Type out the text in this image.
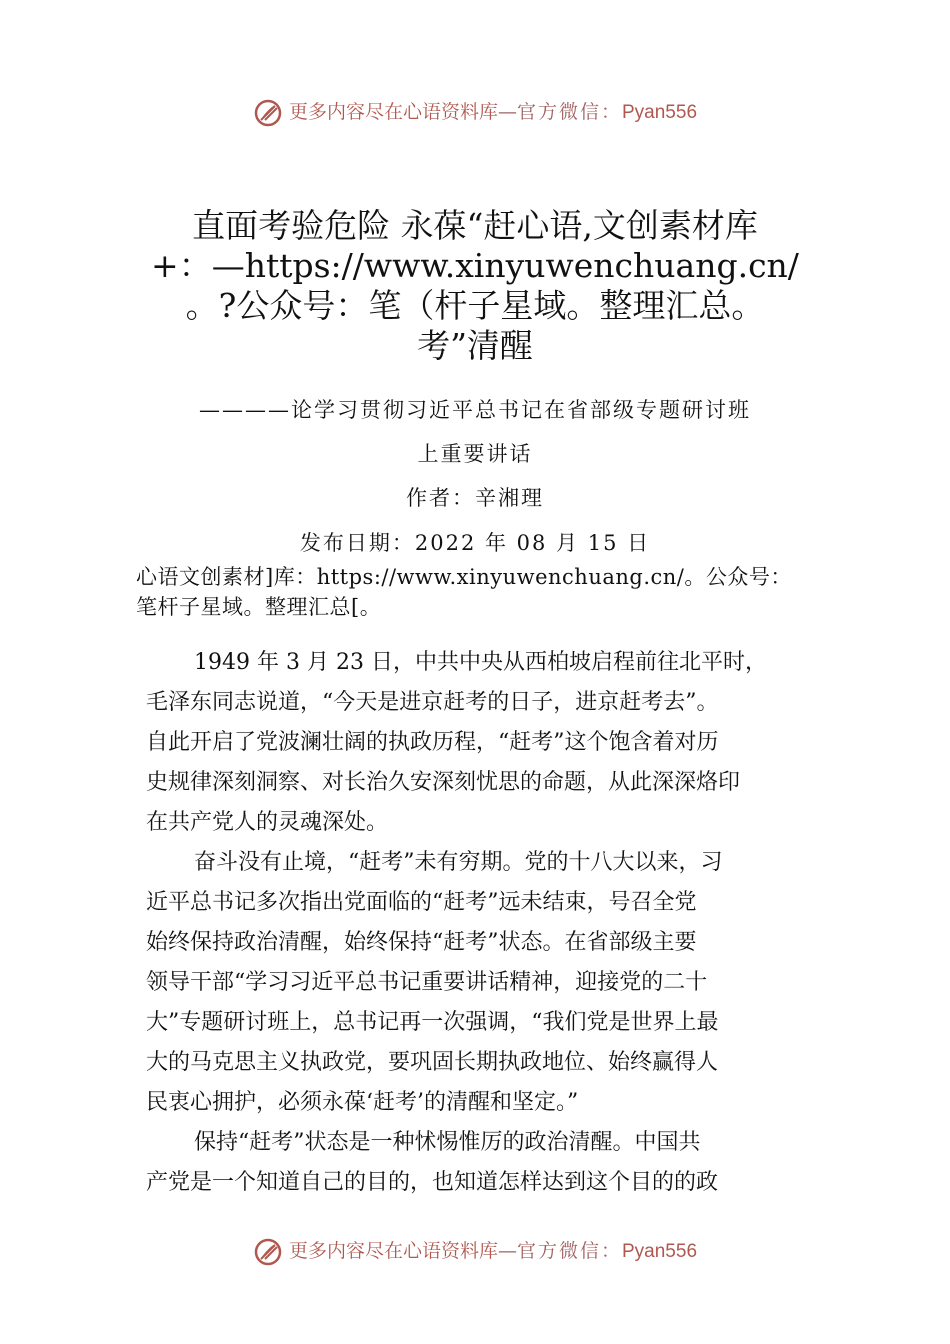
更多内容尽在心语资料库—官方微信：Pyan556
直面考验危险 永葆“赶心语,文创素材库
+：—https://www.xinyuwenchuang.cn/
。?公众号：笔（杆子星域。整理汇总。
考”清醒
————论学习贯彻习近平总书记在省部级专题研讨班
上重要讲话
作者：辛湘理
发布日期：2022 年 08 月 15 日
心语文创素材]库：https://www.xinyuwenchuang.cn/。公众号：
笔杆子星域。整理汇总[。
1949 年 3 月 23 日，中共中央从西柏坡启程前往北平时，
毛泽东同志说道，“今天是进京赶考的日子，进京赶考去”。
自此开启了党波澜壮阔的执政历程，“赶考”这个饱含着对历
史规律深刻洞察、对长治久安深刻忧思的命题，从此深深烙印
在共产党人的灵魂深处。
奋斗没有止境，“赶考”未有穷期。党的十八大以来，习
近平总书记多次指出党面临的“赶考”远未结束，号召全党
始终保持政治清醒，始终保持“赶考”状态。在省部级主要
领导干部“学习习近平总书记重要讲话精神，迎接党的二十
大”专题研讨班上，总书记再一次强调，“我们党是世界上最
大的马克思主义执政党，要巩固长期执政地位、始终赢得人
民衷心拥护，必须永葆‘赶考’的清醒和坚定。”
保持“赶考”状态是一种怵惕惟厉的政治清醒。中国共
产党是一个知道自己的目的，也知道怎样达到这个目的的政
更多内容尽在心语资料库—官方微信：Pyan556
